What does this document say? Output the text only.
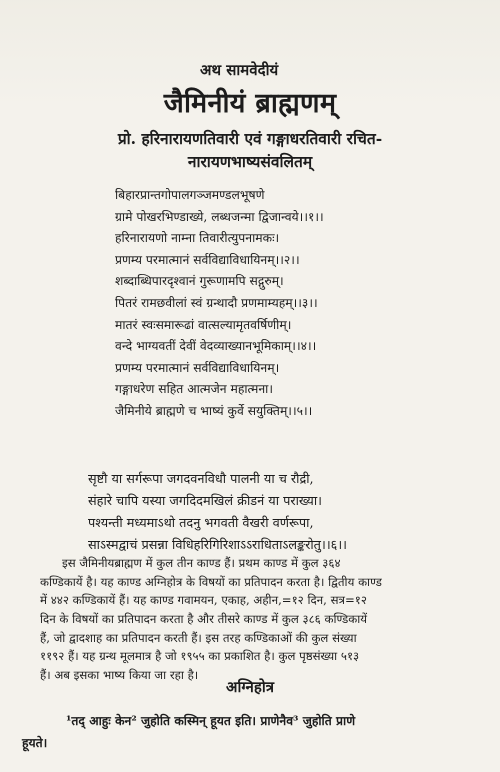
अथ सामवेदीयं
जैमिनीयं ब्राह्मणम्
प्रो. हरिनारायणतिवारी एवं गङ्गाधरतिवारी रचित-
नारायणभाष्यसंवलितम्
बिहारप्रान्तगोपालगञ्जमण्डलभूषणे
ग्रामे पोखरभिण्डाख्ये, लब्धजन्मा द्विजान्वये।।१।।
हरिनारायणो नाम्ना तिवारीत्युपनामकः।
प्रणम्य परमात्मानं सर्वविद्याविधायिनम्।।२।।
शब्दाब्धिपारदृश्वानं गुरूणामपि सद्गुरुम्।
पितरं रामछवीलां स्वं ग्रन्थादौ प्रणमाम्यहम्।।३।।
मातरं स्वःसमारूढां वात्सल्यामृतवर्षिणीम्।
वन्दे भाग्यवतीं देवीं वेदव्याख्यानभूमिकाम्।।४।।
प्रणम्य परमात्मानं सर्वविद्याविधायिनम्।
गङ्गाधरेण सहित आत्मजेन महात्मना।
जैमिनीये ब्राह्मणे च भाष्यं कुर्वे सयुक्तिम्।।५।।
सृष्टौ या सर्गरूपा जगदवनविधौ पालनी या च रौद्री,
संहारे चापि यस्या जगदिदमखिलं क्रीडनं या पराख्या।
पश्यन्ती मध्यमाऽथो तदनु भगवती वैखरी वर्णरूपा,
साऽस्मद्वाचं प्रसन्ना विधिहरिगिरिशाऽऽराधिताऽलङ्करोतु।।६।।
इस जैमिनीयब्राह्मण में कुल तीन काण्ड हैं। प्रथम काण्ड में कुल ३६४
कण्डिकायें है। यह काण्ड अग्निहोत्र के विषयों का प्रतिपादन करता है। द्वितीय काण्ड
में ४४२ कण्डिकायें हैं। यह काण्ड गवामयन, एकाह, अहीन,=१२ दिन, सत्र=१२
दिन के विषयों का प्रतिपादन करता है और तीसरे काण्ड में कुल ३८६ कण्डिकायें
हैं, जो द्वादशाह का प्रतिपादन करती हैं। इस तरह कण्डिकाओं की कुल संख्या
११९२ हैं। यह ग्रन्थ मूलमात्र है जो १९५५ का प्रकाशित है। कुल पृष्ठसंख्या ५१३
हैं। अब इसका भाष्य किया जा रहा है।
अग्निहोत्र
¹तद् आहुः केन² जुहोति कस्मिन् हूयत इति। प्राणेनैव³ जुहोति प्राणे
हूयते।
